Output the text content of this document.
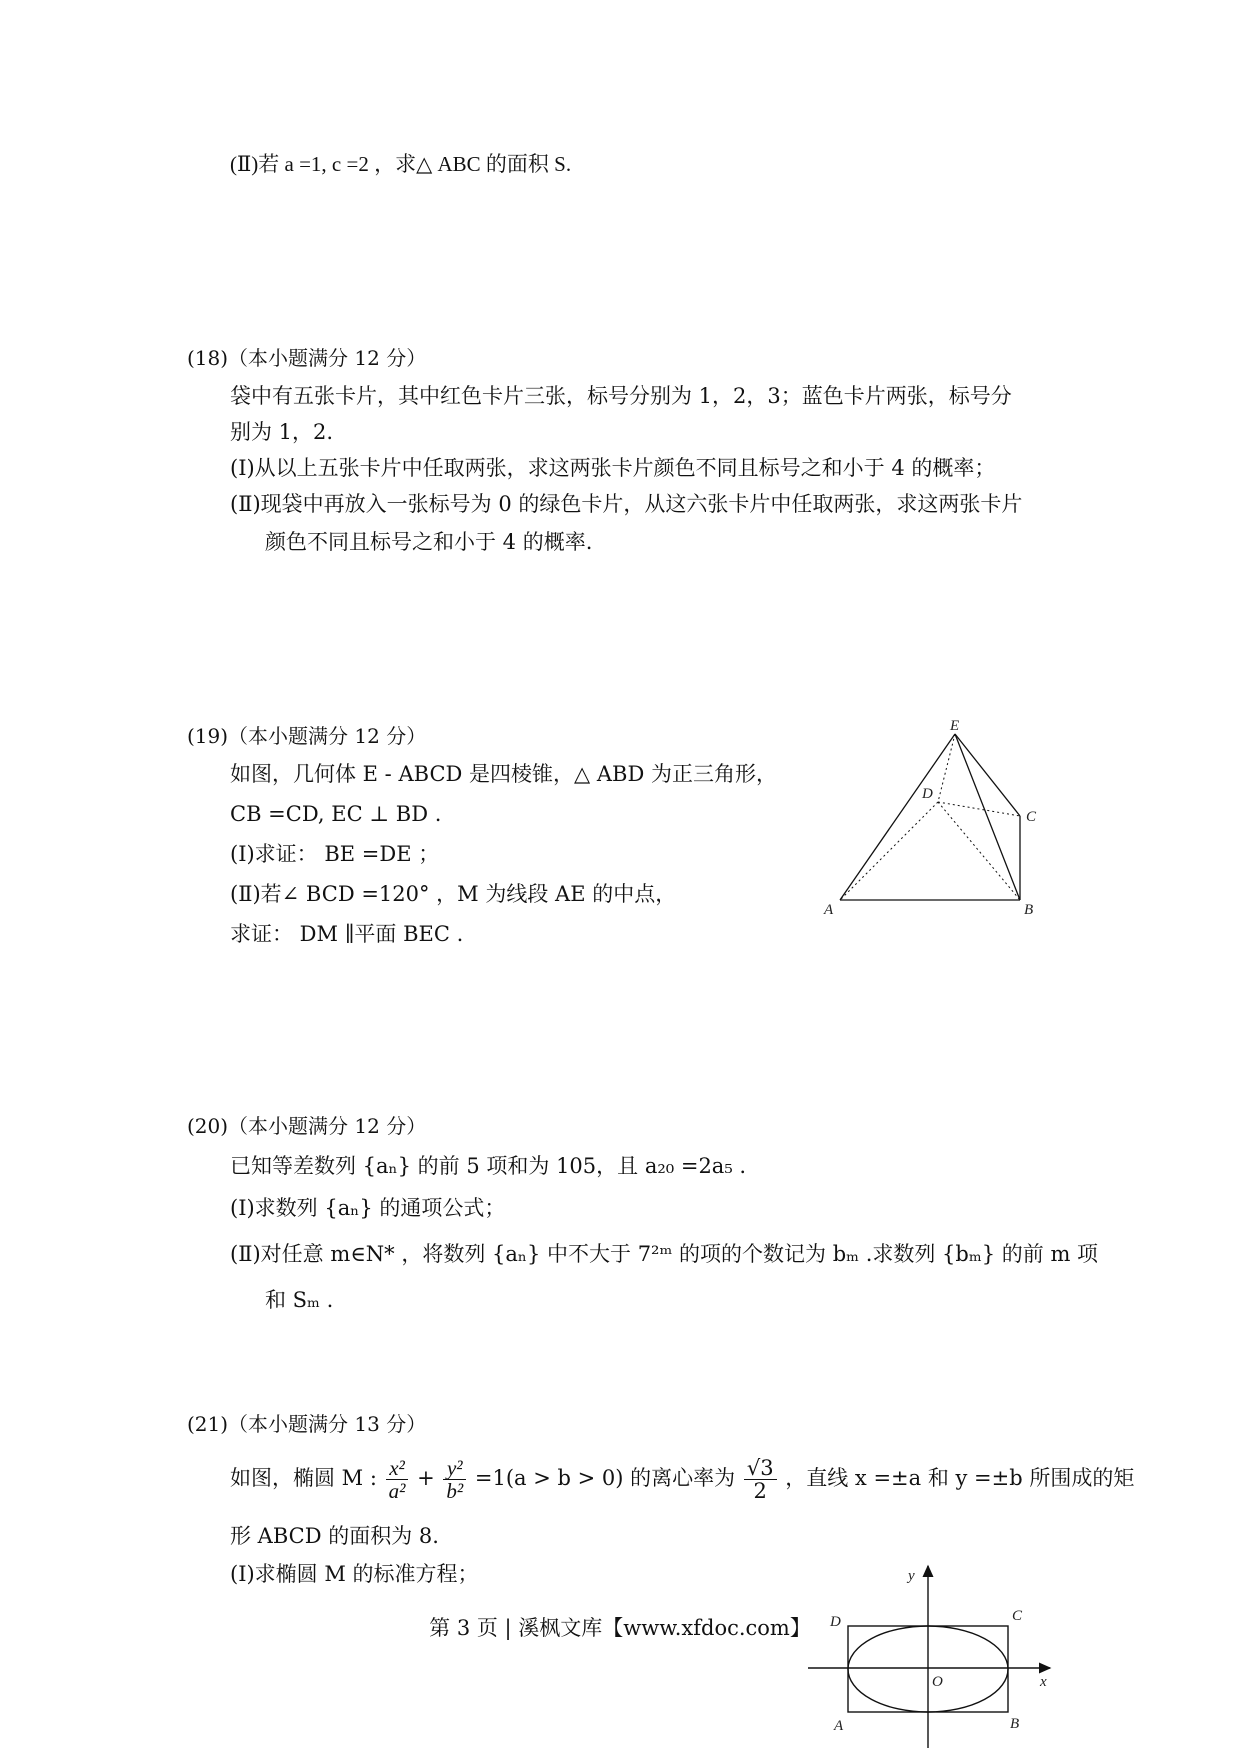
(Ⅱ)若 a =1, c =2 ，求△ ABC 的面积 S.
(18)（本小题满分 12 分）
袋中有五张卡片，其中红色卡片三张，标号分别为 1，2，3；蓝色卡片两张，标号分
别为 1，2.
(Ⅰ)从以上五张卡片中任取两张，求这两张卡片颜色不同且标号之和小于 4 的概率；
(Ⅱ)现袋中再放入一张标号为 0 的绿色卡片，从这六张卡片中任取两张，求这两张卡片
颜色不同且标号之和小于 4 的概率.
(19)（本小题满分 12 分）
如图，几何体 E - ABCD 是四棱锥，△ ABD 为正三角形，
CB =CD, EC ⊥ BD .
(Ⅰ)求证： BE =DE ；
(Ⅱ)若∠ BCD =120° ，M 为线段 AE 的中点，
求证： DM ∥平面 BEC .
E
D
C
A	B
(20)（本小题满分 12 分）
已知等差数列 {aₙ} 的前 5 项和为 105，且 a₂₀ =2a₅ .
(Ⅰ)求数列 {aₙ} 的通项公式；
(Ⅱ)对任意 m∈N* ，将数列 {aₙ} 中不大于 7²ᵐ 的项的个数记为 bₘ .求数列 {bₘ} 的前 m 项
和 Sₘ .
(21)（本小题满分 13 分）
如图，椭圆 M : $\frac{\text{x²}}{\text{a²}} + \frac{\text{y²}}{\text{b²}} =1(a > b > 0)$ 的离心率为 $\frac{√3}{2}$ ，直线 x =±a 和 y =±b 所围成的矩
形 ABCD 的面积为 8.
(Ⅰ)求椭圆 M 的标准方程；	y
x
O
D	C
A	B
第 3 页 | 溪枫文库【www.xfdoc.com】
